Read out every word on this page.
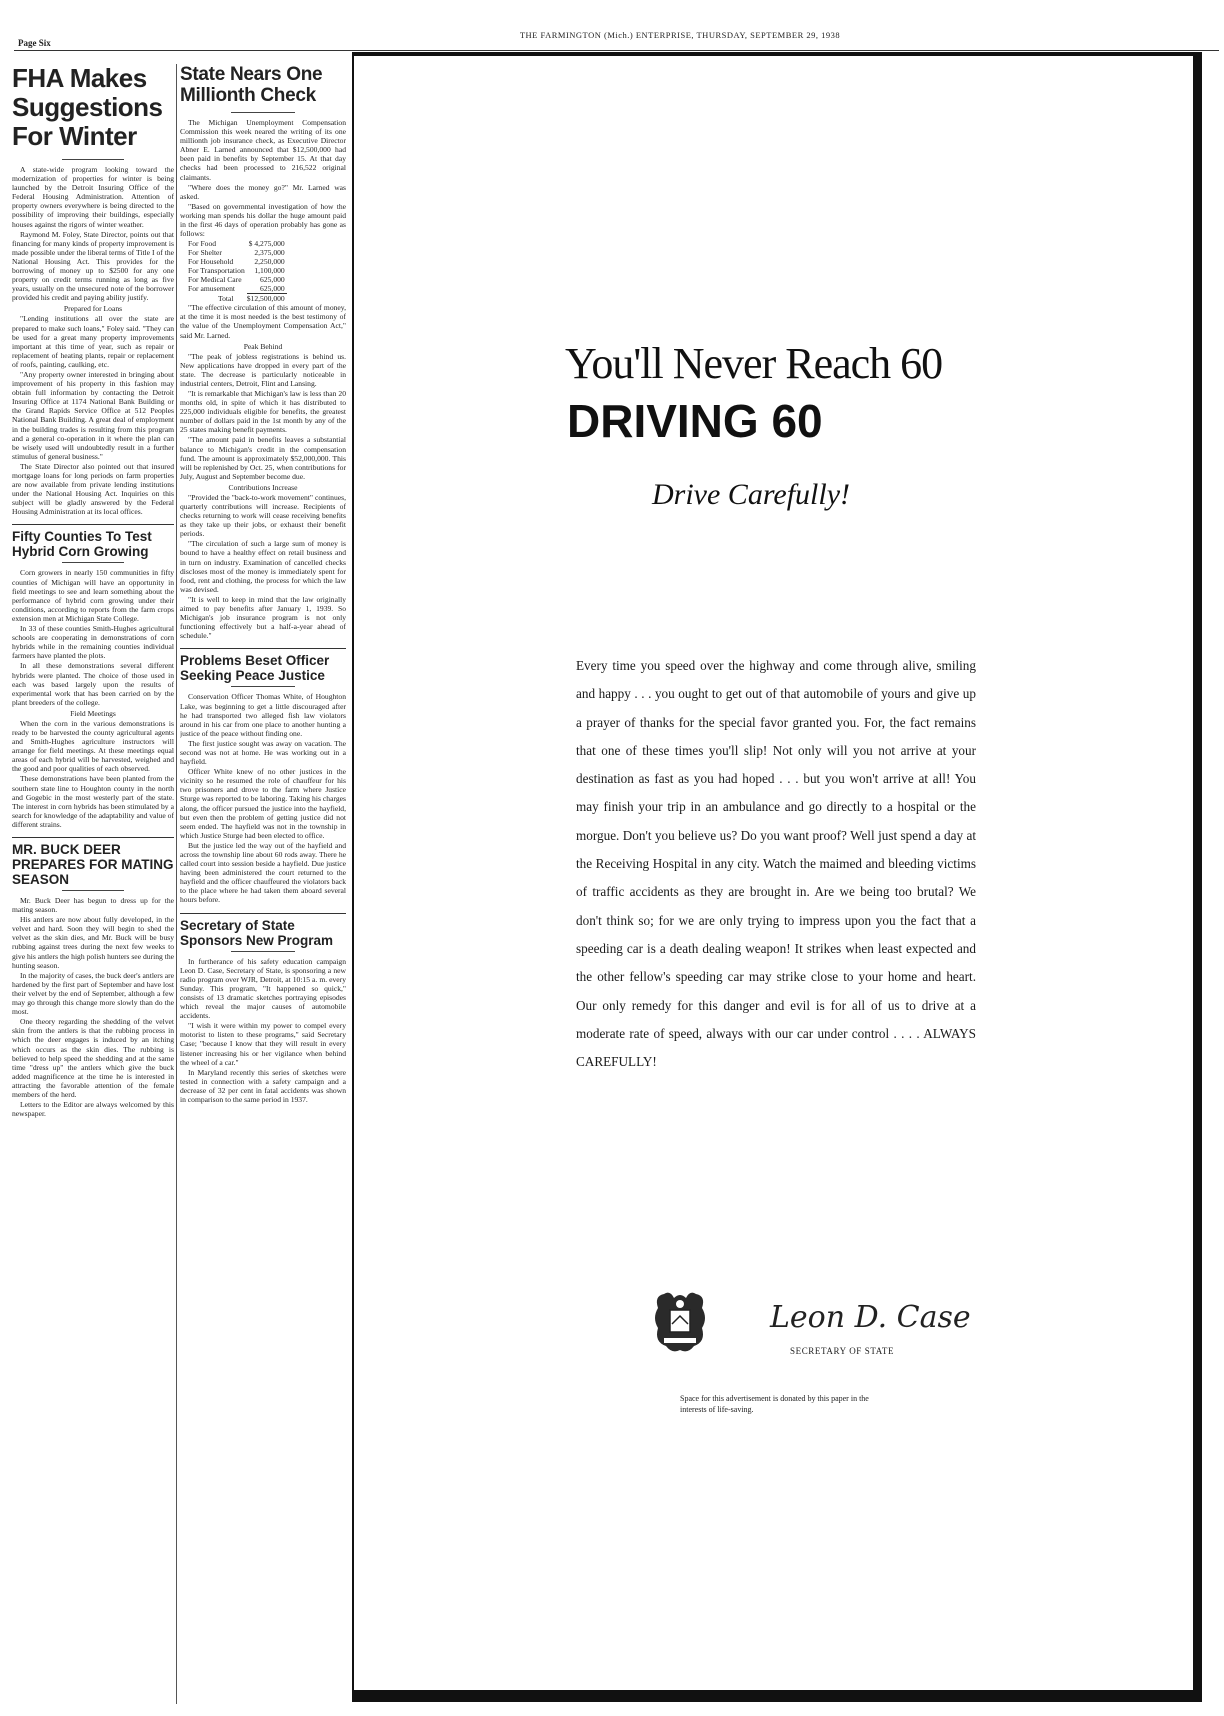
Page Six
THE FARMINGTON (Mich.) ENTERPRISE, THURSDAY, SEPTEMBER 29, 1938
FHA Makes Suggestions For Winter

A state-wide program looking toward the modernization of properties for winter is being launched by the Detroit Insuring Office of the Federal Housing Administration. Attention of property owners everywhere is being directed to the possibility of improving their buildings, especially houses against the rigors of winter weather.

Raymond M. Foley, State Director, points out that financing for many kinds of property improvement is made possible under the liberal terms of Title I of the National Housing Act. This provides for the borrowing of money up to $2500 for any one property on credit terms running as long as five years, usually on the unsecured note of the borrower provided his credit and paying ability justify.

Prepared for Loans

"Lending institutions all over the state are prepared to make such loans," Foley said. "They can be used for a great many property improvements important at this time of year, such as repair or replacement of heating plants, repair or replacement of roofs, painting, caulking, etc.

"Any property owner interested in bringing about improvement of his property in this fashion may obtain full information by contacting the Detroit Insuring Office at 1174 National Bank Building or the Grand Rapids Service Office at 512 Peoples National Bank Building. A great deal of employment in the building trades is resulting from this program and a general co-operation in it where the plan can be wisely used will undoubtedly result in a further stimulus of general business."

The State Director also pointed out that insured mortgage loans for long periods on farm properties are now available from private lending institutions under the National Housing Act. Inquiries on this subject will be gladly answered by the Federal Housing Administration at its local offices.

Fifty Counties To Test Hybrid Corn Growing

Corn growers in nearly 150 communities in fifty counties of Michigan will have an opportunity in field meetings to see and learn something about the performance of hybrid corn growing under their conditions, according to reports from the farm crops extension men at Michigan State College.

In 33 of these counties Smith-Hughes agricultural schools are cooperating in demonstrations of corn hybrids while in the remaining counties individual farmers have planted the plots.

In all these demonstrations several different hybrids were planted. The choice of those used in each was based largely upon the results of experimental work that has been carried on by the plant breeders of the college.

Field Meetings

When the corn in the various demonstrations is ready to be harvested the county agricultural agents and Smith-Hughes agriculture instructors will arrange for field meetings. At these meetings equal areas of each hybrid will be harvested, weighed and the good and poor qualities of each observed.

These demonstrations have been planted from the southern state line to Houghton county in the north and Gogebic in the most westerly part of the state. The interest in corn hybrids has been stimulated by a search for knowledge of the adaptability and value of different strains.

MR. BUCK DEER PREPARES FOR MATING SEASON

Mr. Buck Deer has begun to dress up for the mating season.

His antlers are now about fully developed, in the velvet and hard. Soon they will begin to shed the velvet as the skin dies, and Mr. Buck will be busy rubbing against trees during the next few weeks to give his antlers the high polish hunters see during the hunting season.

In the majority of cases, the buck deer's antlers are hardened by the first part of September and have lost their velvet by the end of September, although a few may go through this change more slowly than do the most.

One theory regarding the shedding of the velvet skin from the antlers is that the rubbing process in which the deer engages is induced by an itching which occurs as the skin dies. The rubbing is believed to help speed the shedding and at the same time "dress up" the antlers which give the buck added magnificence at the time he is interested in attracting the favorable attention of the female members of the herd.

Letters to the Editor are always welcomed by this newspaper.

State Nears One Millionth Check

The Michigan Unemployment Compensation Commission this week neared the writing of its one millionth job insurance check, as Executive Director Abner E. Larned announced that $12,500,000 had been paid in benefits by September 15. At that day checks had been processed to 216,522 original claimants.

"Where does the money go?" Mr. Larned was asked.

"Based on governmental investigation of how the working man spends his dollar the huge amount paid in the first 46 days of operation probably has gone as follows:

For Food	$ 4,275,000
For Shelter	2,375,000
For Household	2,250,000
For Transportation	1,100,000
For Medical Care	625,000
For amusement	625,000
Total	$12,500,000

"The effective circulation of this amount of money, at the time it is most needed is the best testimony of the value of the Unemployment Compensation Act," said Mr. Larned.

Peak Behind

"The peak of jobless registrations is behind us. New applications have dropped in every part of the state. The decrease is particularly noticeable in industrial centers, Detroit, Flint and Lansing.

"It is remarkable that Michigan's law is less than 20 months old, in spite of which it has distributed to 225,000 individuals eligible for benefits, the greatest number of dollars paid in the 1st month by any of the 25 states making benefit payments.

"The amount paid in benefits leaves a substantial balance to Michigan's credit in the compensation fund. The amount is approximately $52,000,000. This will be replenished by Oct. 25, when contributions for July, August and September become due.

Contributions Increase

"Provided the "back-to-work movement" continues, quarterly contributions will increase. Recipients of checks returning to work will cease receiving benefits as they take up their jobs, or exhaust their benefit periods.

"The circulation of such a large sum of money is bound to have a healthy effect on retail business and in turn on industry. Examination of cancelled checks discloses most of the money is immediately spent for food, rent and clothing, the process for which the law was devised.

"It is well to keep in mind that the law originally aimed to pay benefits after January 1, 1939. So Michigan's job insurance program is not only functioning effectively but a half-a-year ahead of schedule."

Problems Beset Officer Seeking Peace Justice

Conservation Officer Thomas White, of Houghton Lake, was beginning to get a little discouraged after he had transported two alleged fish law violators around in his car from one place to another hunting a justice of the peace without finding one.

The first justice sought was away on vacation. The second was not at home. He was working out in a hayfield.

Officer White knew of no other justices in the vicinity so he resumed the role of chauffeur for his two prisoners and drove to the farm where Justice Sturge was reported to be laboring. Taking his charges along, the officer pursued the justice into the hayfield, but even then the problem of getting justice did not seem ended. The hayfield was not in the township in which Justice Sturge had been elected to office.

But the justice led the way out of the hayfield and across the township line about 60 rods away. There he called court into session beside a hayfield. Due justice having been administered the court returned to the hayfield and the officer chauffeured the violators back to the place where he had taken them aboard several hours before.

Secretary of State Sponsors New Program

In furtherance of his safety education campaign Leon D. Case, Secretary of State, is sponsoring a new radio program over WJR, Detroit, at 10:15 a. m. every Sunday. This program, "It happened so quick," consists of 13 dramatic sketches portraying episodes which reveal the major causes of automobile accidents.

"I wish it were within my power to compel every motorist to listen to these programs," said Secretary Case; "because I know that they will result in every listener increasing his or her vigilance when behind the wheel of a car."

In Maryland recently this series of sketches were tested in connection with a safety campaign and a decrease of 32 per cent in fatal accidents was shown in comparison to the same period in 1937.

You'll Never Reach 60
DRIVING 60
Drive Carefully!
Every time you speed over the highway and come through alive, smiling and happy . . . you ought to get out of that automobile of yours and give up a prayer of thanks for the special favor granted you. For, the fact remains that one of these times you'll slip! Not only will you not arrive at your destination as fast as you had hoped . . . but you won't arrive at all! You may finish your trip in an ambulance and go directly to a hospital or the morgue. Don't you believe us? Do you want proof? Well just spend a day at the Receiving Hospital in any city. Watch the maimed and bleeding victims of traffic accidents as they are brought in. Are we being too brutal? We don't think so; for we are only trying to impress upon you the fact that a speeding car is a death dealing weapon! It strikes when least expected and the other fellow's speeding car may strike close to your home and heart. Our only remedy for this danger and evil is for all of us to drive at a moderate rate of speed, always with our car under control . . . . ALWAYS CAREFULLY!
Leon D. Case
SECRETARY OF STATE
Space for this advertisement is donated by this paper in the interests of life-saving.
